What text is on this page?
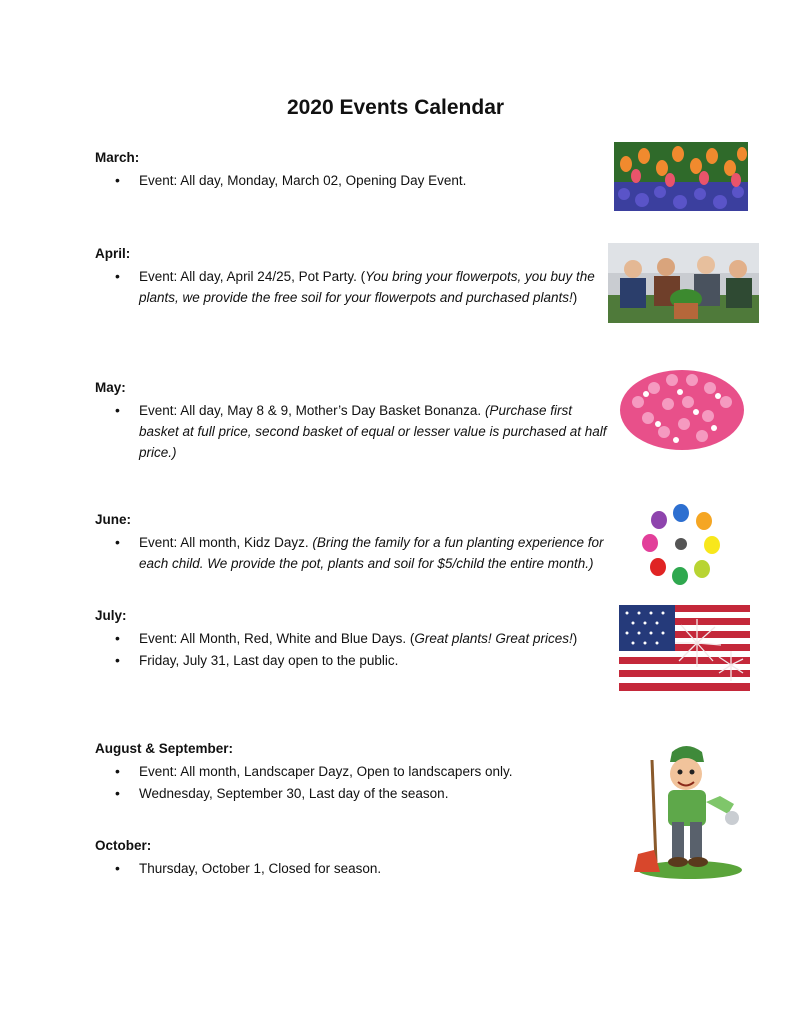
2020 Events Calendar

March:

• Event: All day, Monday, March 02, Opening Day Event.

April:

• Event: All day, April 24/25, Pot Party. (You bring your flowerpots, you buy the plants, we provide the free soil for your flowerpots and purchased plants!)

May:

• Event: All day, May 8 & 9, Mother’s Day Basket Bonanza. (Purchase first basket at full price, second basket of equal or lesser value is purchased at half price.)

June:

• Event: All month, Kidz Dayz. (Bring the family for a fun planting experience for each child. We provide the pot, plants and soil for $5/child the entire month.)

July:

• Event: All Month, Red, White and Blue Days. (Great plants! Great prices!)
• Friday, July 31, Last day open to the public.

August & September:

• Event: All month, Landscaper Dayz, Open to landscapers only.
• Wednesday, September 30, Last day of the season.

October:

• Thursday, October 1, Closed for season.
